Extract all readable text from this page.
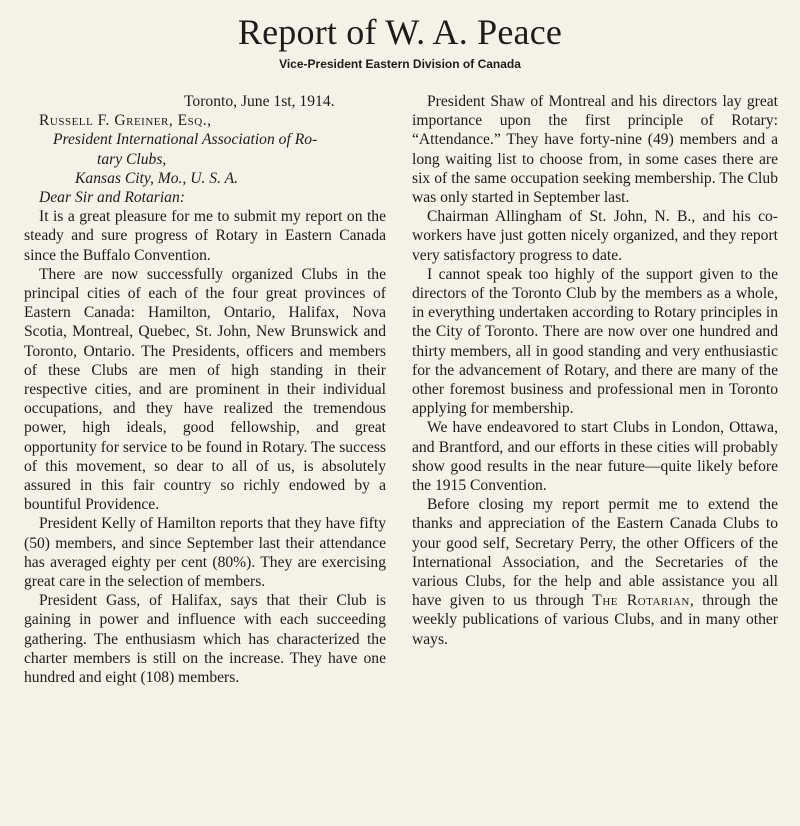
Report of W. A. Peace
Vice-President Eastern Division of Canada

Toronto, June 1st, 1914.

Russell F. Greiner, Esq.,

President International Association of Ro-

tary Clubs,

Kansas City, Mo., U. S. A.

Dear Sir and Rotarian:

It is a great pleasure for me to submit my report on the steady and sure progress of Rotary in Eastern Canada since the Buffalo Convention.

There are now successfully organized Clubs in the principal cities of each of the four great provinces of Eastern Canada: Hamilton, Ontario, Halifax, Nova Scotia, Montreal, Quebec, St. John, New Brunswick and Toronto, Ontario. The Presidents, officers and members of these Clubs are men of high standing in their respective cities, and are prominent in their individual occupations, and they have realized the tremendous power, high ideals, good fellowship, and great opportunity for service to be found in Rotary. The success of this movement, so dear to all of us, is absolutely assured in this fair country so richly endowed by a bountiful Providence.

President Kelly of Hamilton reports that they have fifty (50) members, and since September last their attendance has averaged eighty per cent (80%). They are exercising great care in the selection of members.

President Gass, of Halifax, says that their Club is gaining in power and influence with each succeeding gathering. The enthusiasm which has characterized the charter members is still on the increase. They have one hundred and eight (108) members.

President Shaw of Montreal and his directors lay great importance upon the first principle of Rotary: “Attendance.” They have forty-nine (49) members and a long waiting list to choose from, in some cases there are six of the same occupation seeking membership. The Club was only started in September last.

Chairman Allingham of St. John, N. B., and his co-workers have just gotten nicely organized, and they report very satisfactory progress to date.

I cannot speak too highly of the support given to the directors of the Toronto Club by the members as a whole, in everything undertaken according to Rotary principles in the City of Toronto. There are now over one hundred and thirty members, all in good standing and very enthusiastic for the advancement of Rotary, and there are many of the other foremost business and professional men in Toronto applying for membership.

We have endeavored to start Clubs in London, Ottawa, and Brantford, and our efforts in these cities will probably show good results in the near future—quite likely before the 1915 Convention.

Before closing my report permit me to extend the thanks and appreciation of the Eastern Canada Clubs to your good self, Secretary Perry, the other Officers of the International Association, and the Secretaries of the various Clubs, for the help and able assistance you all have given to us through The Rotarian, through the weekly publications of various Clubs, and in many other ways.
